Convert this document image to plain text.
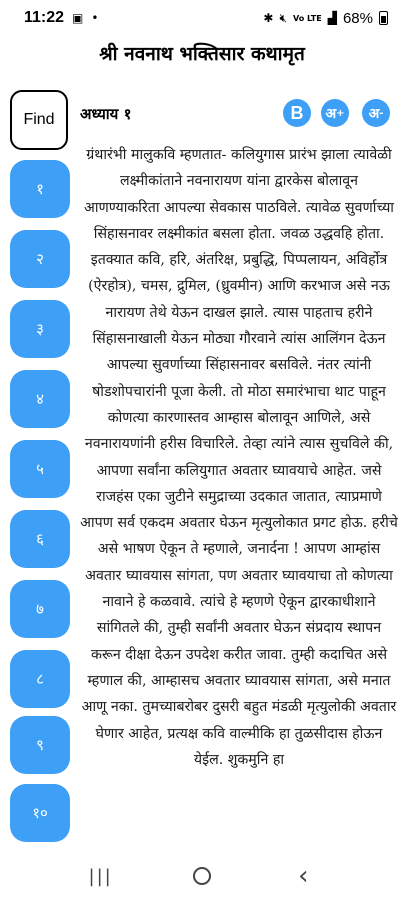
11:22 ▣ •	✱ 🔇︎ Vo LTE ▟ 68%
श्री नवनाथ भक्तिसार कथामृत
Find	अध्याय १	B	अ + अ -
१
२
३
४
५
६
७
८
९
१०
ग्रंथारंभी मालुकवि म्हणतात- कलियुगास प्रारंभ झाला त्यावेळी लक्ष्मीकांताने नवनारायण यांना द्वारकेस बोलावून आणण्याकरिता आपल्या सेवकास पाठविले. त्यावेळ सुवर्णाच्या सिंहासनावर लक्ष्मीकांत बसला होता. जवळ उद्धवहि होता. इतक्यात कवि, हरि, अंतरिक्ष, प्रबुद्धि, पिप्पलायन, अविर्होत्र (ऐरहोत्र), चमस, द्रुमिल, (ध्रुवमीन) आणि करभाज असे नऊ नारायण तेथे येऊन दाखल झाले. त्यास पाहताच हरीने सिंहासनाखाली येऊन मोठ्या गौरवाने त्यांस आलिंगन देऊन आपल्या सुवर्णाच्या सिंहासनावर बसविले. नंतर त्यांनी षोडशोपचारांनी पूजा केली. तो मोठा समारंभाचा थाट पाहून कोणत्या कारणास्तव आम्हास बोलावून आणिले, असे नवनारायणांनी हरीस विचारिले. तेव्हा त्यांने त्यास सुचविले की, आपणा सर्वांना कलियुगात अवतार घ्यावयाचे आहेत. जसे राजहंस एका जुटीने समुद्राच्या उदकात जातात, त्याप्रमाणे आपण सर्व एकदम अवतार घेऊन मृत्युलोकात प्रगट होऊ. हरीचे असे भाषण ऐकून ते म्हणाले, जनार्दना ! आपण आम्हांस अवतार घ्यावयास सांगता, पण अवतार घ्यावयाचा तो कोणत्या नावाने हे कळवावे. त्यांचे हे म्हणणे ऐकून द्वारकाधीशाने सांगितले की, तुम्ही सर्वांनी अवतार घेऊन संप्रदाय स्थापन करून दीक्षा देऊन उपदेश करीत जावा. तुम्ही कदाचित असे म्हणाल की, आम्हासच अवतार घ्यावयास सांगता, असे मनात आणू नका. तुमच्याबरोबर दुसरी बहुत मंडळी मृत्युलोकी अवतार घेणार आहेत, प्रत्यक्ष कवि वाल्मीकि हा तुळसीदास होऊन येईल. शुकमुनि हा
|||	‹
